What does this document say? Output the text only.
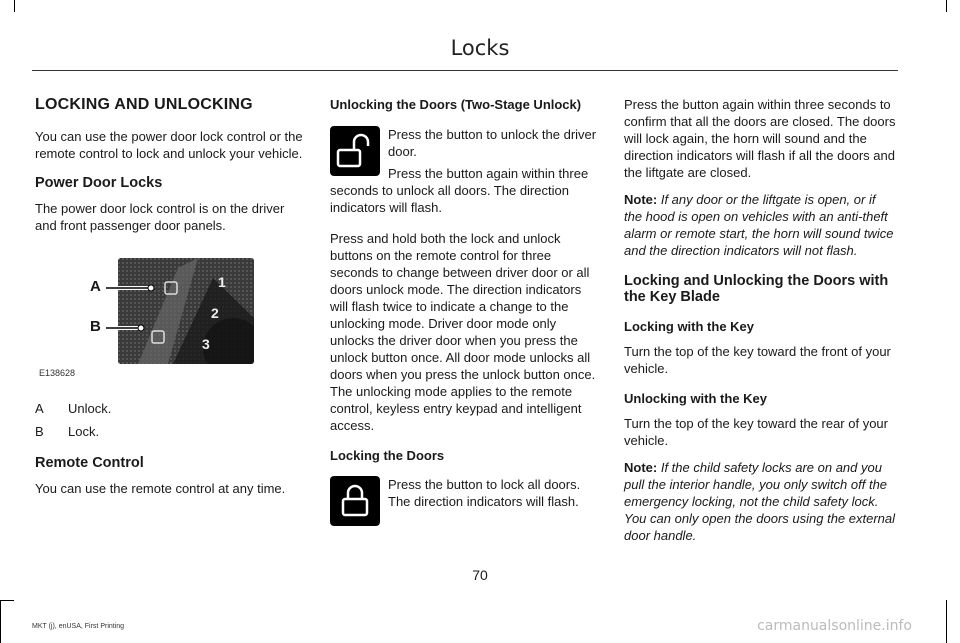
Locks
LOCKING AND UNLOCKING

You can use the power door lock control or the remote control to lock and unlock your vehicle.

Power Door Locks

The power door lock control is on the driver and front passenger door panels.

1
2
3
A
B
E138628
A	Unlock.
B	Lock.
Remote Control

You can use the remote control at any time.

Unlocking the Doors (Two-Stage Unlock)

Press the button to unlock the driver door.

Press the button again within three seconds to unlock all doors. The direction indicators will flash.

Press and hold both the lock and unlock buttons on the remote control for three seconds to change between driver door or all doors unlock mode. The direction indicators will flash twice to indicate a change to the unlocking mode. Driver door mode only unlocks the driver door when you press the unlock button once. All door mode unlocks all doors when you press the unlock button once. The unlocking mode applies to the remote control, keyless entry keypad and intelligent access.

Locking the Doors

Press the button to lock all doors. The direction indicators will flash.

Press the button again within three seconds to confirm that all the doors are closed. The doors will lock again, the horn will sound and the direction indicators will flash if all the doors and the liftgate are closed.

Note: If any door or the liftgate is open, or if the hood is open on vehicles with an anti-theft alarm or remote start, the horn will sound twice and the direction indicators will not flash.

Locking and Unlocking the Doors with the Key Blade
Locking with the Key

Turn the top of the key toward the front of your vehicle.

Unlocking with the Key

Turn the top of the key toward the rear of your vehicle.

Note: If the child safety locks are on and you pull the interior handle, you only switch off the emergency locking, not the child safety lock. You can only open the doors using the external door handle.

70
MKT (j), enUSA, First Printing	carmanualsonline.info
